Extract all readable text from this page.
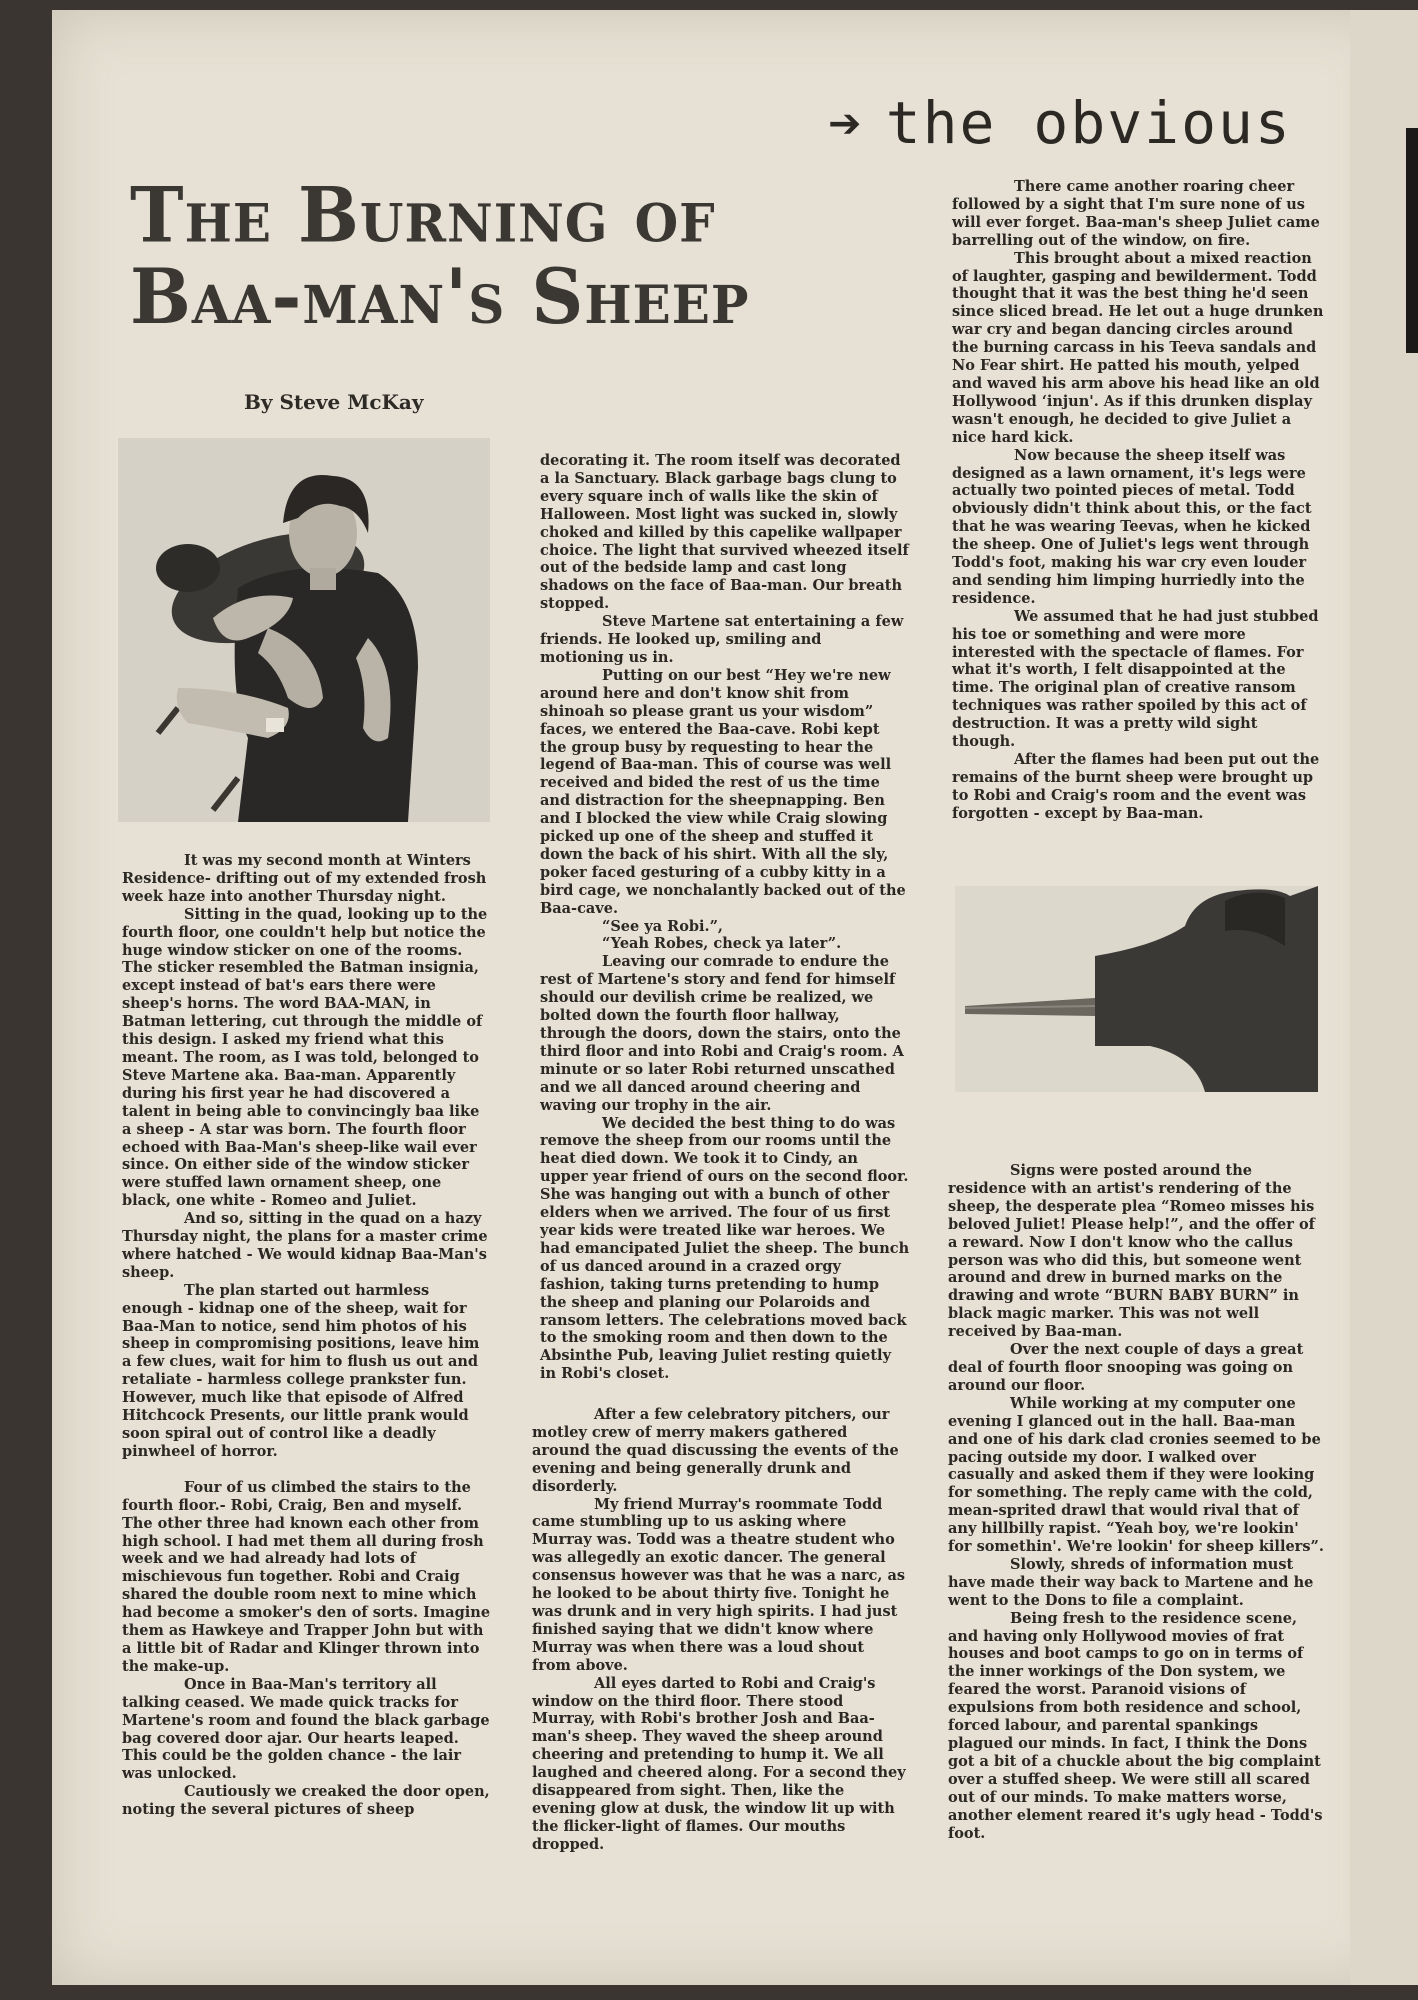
➔ the obvious
The Burning of
Baa-man's Sheep
By Steve McKay

It was my second month at Winters Residence- drifting out of my extended frosh week haze into another Thursday night.

Sitting in the quad, looking up to the fourth floor, one couldn't help but notice the huge window sticker on one of the rooms. The sticker resembled the Batman insignia, except instead of bat's ears there were sheep's horns. The word BAA-MAN, in Batman lettering, cut through the middle of this design. I asked my friend what this meant. The room, as I was told, belonged to Steve Martene aka. Baa-man. Apparently during his first year he had discovered a talent in being able to convincingly baa like a sheep - A star was born. The fourth floor echoed with Baa-Man's sheep-like wail ever since. On either side of the window sticker were stuffed lawn ornament sheep, one black, one white - Romeo and Juliet.

And so, sitting in the quad on a hazy Thursday night, the plans for a master crime where hatched - We would kidnap Baa-Man's sheep.

The plan started out harmless enough - kidnap one of the sheep, wait for Baa-Man to notice, send him photos of his sheep in compromising positions, leave him a few clues, wait for him to flush us out and retaliate - harmless college prankster fun. However, much like that episode of Alfred Hitchcock Presents, our little prank would soon spiral out of control like a deadly pinwheel of horror.

Four of us climbed the stairs to the fourth floor.- Robi, Craig, Ben and myself. The other three had known each other from high school. I had met them all during frosh week and we had already had lots of mischievous fun together. Robi and Craig shared the double room next to mine which had become a smoker's den of sorts. Imagine them as Hawkeye and Trapper John but with a little bit of Radar and Klinger thrown into the make-up.

Once in Baa-Man's territory all talking ceased. We made quick tracks for Martene's room and found the black garbage bag covered door ajar. Our hearts leaped. This could be the golden chance - the lair was unlocked.

Cautiously we creaked the door open, noting the several pictures of sheep

decorating it. The room itself was decorated a la Sanctuary. Black garbage bags clung to every square inch of walls like the skin of Halloween. Most light was sucked in, slowly choked and killed by this capelike wallpaper choice. The light that survived wheezed itself out of the bedside lamp and cast long shadows on the face of Baa-man. Our breath stopped.

Steve Martene sat entertaining a few friends. He looked up, smiling and motioning us in.

Putting on our best “Hey we're new around here and don't know shit from shinoah so please grant us your wisdom” faces, we entered the Baa-cave. Robi kept the group busy by requesting to hear the legend of Baa-man. This of course was well received and bided the rest of us the time and distraction for the sheepnapping. Ben and I blocked the view while Craig slowing picked up one of the sheep and stuffed it down the back of his shirt. With all the sly, poker faced gesturing of a cubby kitty in a bird cage, we nonchalantly backed out of the Baa-cave.

“See ya Robi.”,

“Yeah Robes, check ya later”.

Leaving our comrade to endure the rest of Martene's story and fend for himself should our devilish crime be realized, we bolted down the fourth floor hallway, through the doors, down the stairs, onto the third floor and into Robi and Craig's room. A minute or so later Robi returned unscathed and we all danced around cheering and waving our trophy in the air.

We decided the best thing to do was remove the sheep from our rooms until the heat died down. We took it to Cindy, an upper year friend of ours on the second floor. She was hanging out with a bunch of other elders when we arrived. The four of us first year kids were treated like war heroes. We had emancipated Juliet the sheep. The bunch of us danced around in a crazed orgy fashion, taking turns pretending to hump the sheep and planing our Polaroids and ransom letters. The celebrations moved back to the smoking room and then down to the Absinthe Pub, leaving Juliet resting quietly in Robi's closet.

After a few celebratory pitchers, our motley crew of merry makers gathered around the quad discussing the events of the evening and being generally drunk and disorderly.

My friend Murray's roommate Todd came stumbling up to us asking where Murray was. Todd was a theatre student who was allegedly an exotic dancer. The general consensus however was that he was a narc, as he looked to be about thirty five. Tonight he was drunk and in very high spirits. I had just finished saying that we didn't know where Murray was when there was a loud shout from above.

All eyes darted to Robi and Craig's window on the third floor. There stood Murray, with Robi's brother Josh and Baa-man's sheep. They waved the sheep around cheering and pretending to hump it. We all laughed and cheered along. For a second they disappeared from sight. Then, like the evening glow at dusk, the window lit up with the flicker-light of flames. Our mouths dropped.

There came another roaring cheer followed by a sight that I'm sure none of us will ever forget. Baa-man's sheep Juliet came barrelling out of the window, on fire.

This brought about a mixed reaction of laughter, gasping and bewilderment. Todd thought that it was the best thing he'd seen since sliced bread. He let out a huge drunken war cry and began dancing circles around the burning carcass in his Teeva sandals and No Fear shirt. He patted his mouth, yelped and waved his arm above his head like an old Hollywood ‘injun'. As if this drunken display wasn't enough, he decided to give Juliet a nice hard kick.

Now because the sheep itself was designed as a lawn ornament, it's legs were actually two pointed pieces of metal. Todd obviously didn't think about this, or the fact that he was wearing Teevas, when he kicked the sheep. One of Juliet's legs went through Todd's foot, making his war cry even louder and sending him limping hurriedly into the residence.

We assumed that he had just stubbed his toe or something and were more interested with the spectacle of flames. For what it's worth, I felt disappointed at the time. The original plan of creative ransom techniques was rather spoiled by this act of destruction. It was a pretty wild sight though.

After the flames had been put out the remains of the burnt sheep were brought up to Robi and Craig's room and the event was forgotten - except by Baa-man.

Signs were posted around the residence with an artist's rendering of the sheep, the desperate plea “Romeo misses his beloved Juliet! Please help!”, and the offer of a reward. Now I don't know who the callus person was who did this, but someone went around and drew in burned marks on the drawing and wrote “BURN BABY BURN” in black magic marker. This was not well received by Baa-man.

Over the next couple of days a great deal of fourth floor snooping was going on around our floor.

While working at my computer one evening I glanced out in the hall. Baa-man and one of his dark clad cronies seemed to be pacing outside my door. I walked over casually and asked them if they were looking for something. The reply came with the cold, mean-sprited drawl that would rival that of any hillbilly rapist. “Yeah boy, we're lookin' for somethin'. We're lookin' for sheep killers”.

Slowly, shreds of information must have made their way back to Martene and he went to the Dons to file a complaint.

Being fresh to the residence scene, and having only Hollywood movies of frat houses and boot camps to go on in terms of the inner workings of the Don system, we feared the worst. Paranoid visions of expulsions from both residence and school, forced labour, and parental spankings plagued our minds. In fact, I think the Dons got a bit of a chuckle about the big complaint over a stuffed sheep. We were still all scared out of our minds. To make matters worse, another element reared it's ugly head - Todd's foot.
